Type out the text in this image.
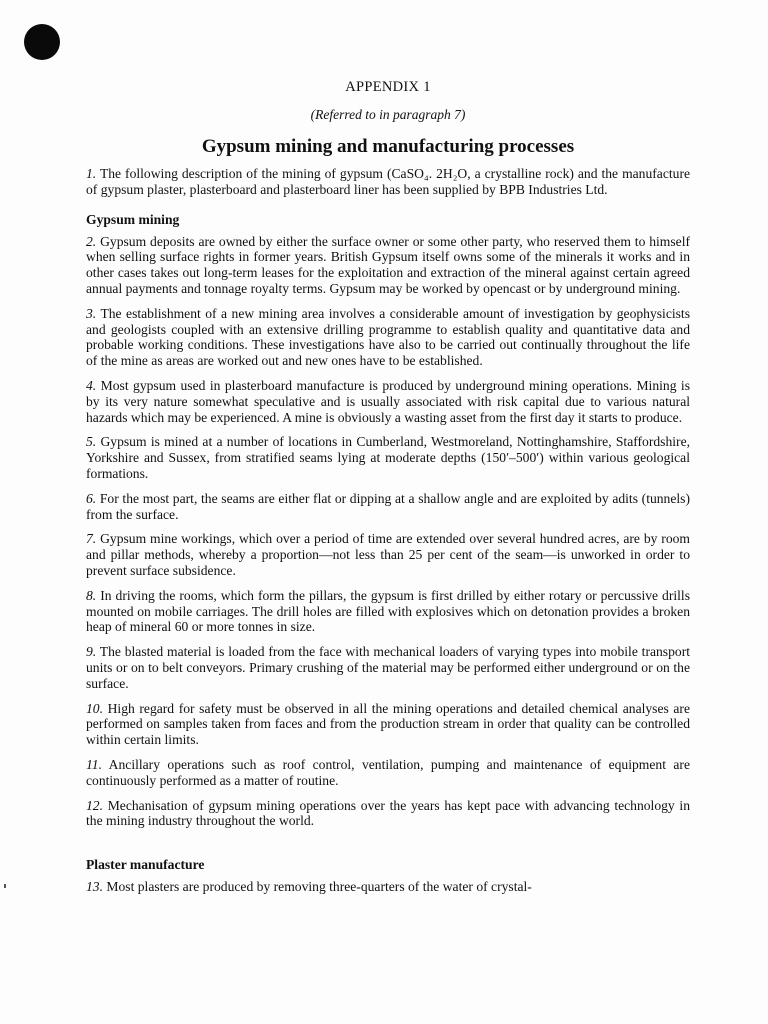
APPENDIX 1
(Referred to in paragraph 7)
Gypsum mining and manufacturing processes

1. The following description of the mining of gypsum (CaSO₄. 2H₂O, a crystalline rock) and the manufacture of gypsum plaster, plasterboard and plasterboard liner has been supplied by BPB Industries Ltd.

Gypsum mining

2. Gypsum deposits are owned by either the surface owner or some other party, who reserved them to himself when selling surface rights in former years. British Gypsum itself owns some of the minerals it works and in other cases takes out long-term leases for the exploitation and extraction of the mineral against certain agreed annual payments and tonnage royalty terms. Gypsum may be worked by opencast or by underground mining.

3. The establishment of a new mining area involves a considerable amount of investigation by geophysicists and geologists coupled with an extensive drilling programme to establish quality and quantitative data and probable working conditions. These investigations have also to be carried out continually throughout the life of the mine as areas are worked out and new ones have to be established.

4. Most gypsum used in plasterboard manufacture is produced by underground mining operations. Mining is by its very nature somewhat speculative and is usually associated with risk capital due to various natural hazards which may be experienced. A mine is obviously a wasting asset from the first day it starts to produce.

5. Gypsum is mined at a number of locations in Cumberland, Westmoreland, Nottinghamshire, Staffordshire, Yorkshire and Sussex, from stratified seams lying at moderate depths (150′–500′) within various geological formations.

6. For the most part, the seams are either flat or dipping at a shallow angle and are exploited by adits (tunnels) from the surface.

7. Gypsum mine workings, which over a period of time are extended over several hundred acres, are by room and pillar methods, whereby a proportion—not less than 25 per cent of the seam—is unworked in order to prevent surface subsidence.

8. In driving the rooms, which form the pillars, the gypsum is first drilled by either rotary or percussive drills mounted on mobile carriages. The drill holes are filled with explosives which on detonation provides a broken heap of mineral 60 or more tonnes in size.

9. The blasted material is loaded from the face with mechanical loaders of varying types into mobile transport units or on to belt conveyors. Primary crushing of the material may be performed either underground or on the surface.

10. High regard for safety must be observed in all the mining operations and detailed chemical analyses are performed on samples taken from faces and from the production stream in order that quality can be controlled within certain limits.

11. Ancillary operations such as roof control, ventilation, pumping and maintenance of equipment are continuously performed as a matter of routine.

12. Mechanisation of gypsum mining operations over the years has kept pace with advancing technology in the mining industry throughout the world.

Plaster manufacture

13. Most plasters are produced by removing three-quarters of the water of crystal-
